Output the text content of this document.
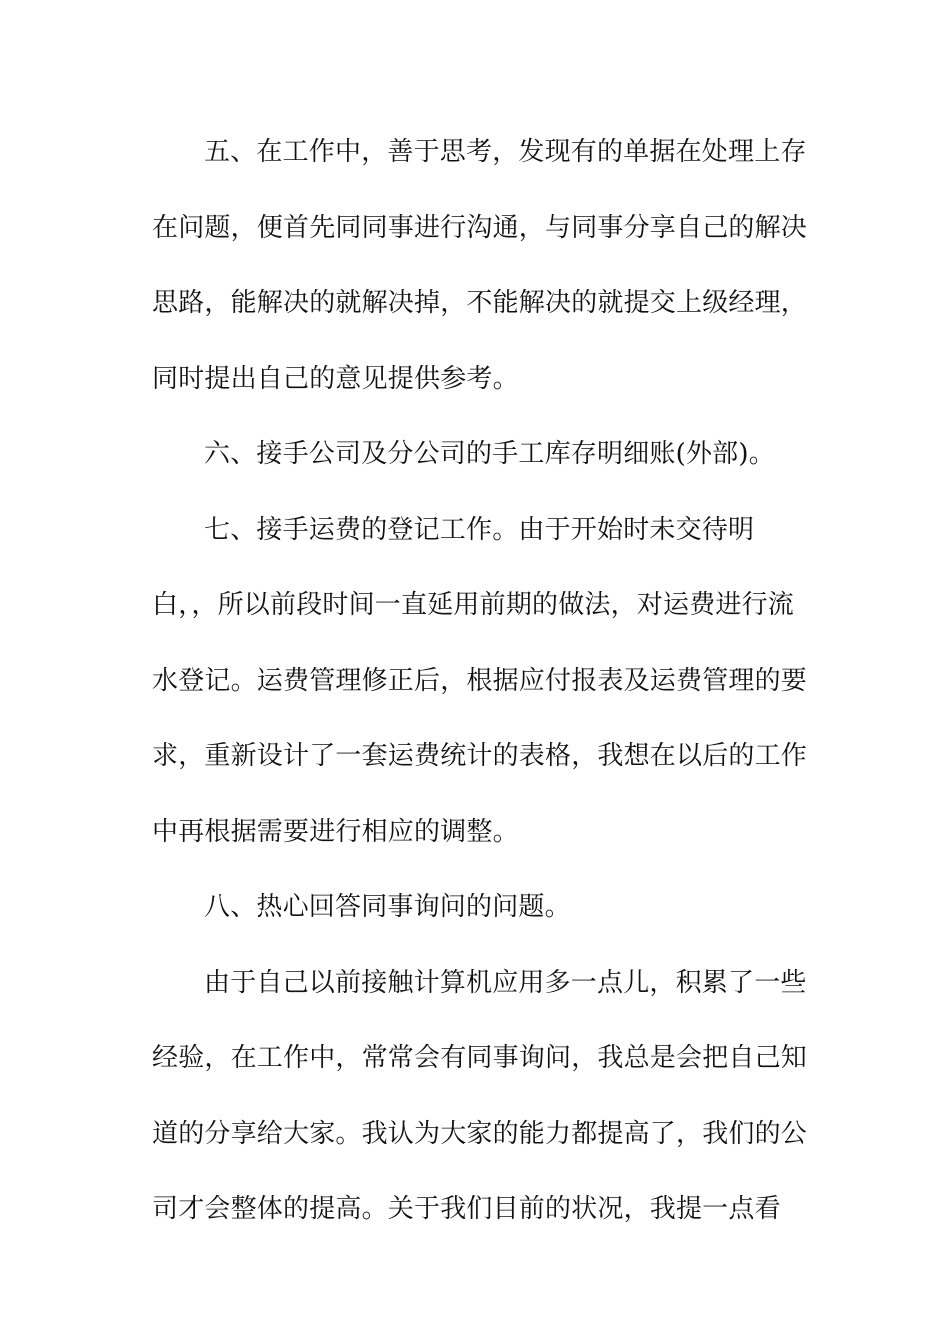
五、在工作中，善于思考，发现有的单据在处理上存
在问题，便首先同同事进行沟通，与同事分享自己的解决
思路，能解决的就解决掉，不能解决的就提交上级经理，
同时提出自己的意见提供参考。
六、接手公司及分公司的手工库存明细账(外部)。
七、接手运费的登记工作。由于开始时未交待明
白，，所以前段时间一直延用前期的做法，对运费进行流
水登记。运费管理修正后，根据应付报表及运费管理的要
求，重新设计了一套运费统计的表格，我想在以后的工作
中再根据需要进行相应的调整。
八、热心回答同事询问的问题。
由于自己以前接触计算机应用多一点儿，积累了一些
经验，在工作中，常常会有同事询问，我总是会把自己知
道的分享给大家。我认为大家的能力都提高了，我们的公
司才会整体的提高。关于我们目前的状况，我提一点看
